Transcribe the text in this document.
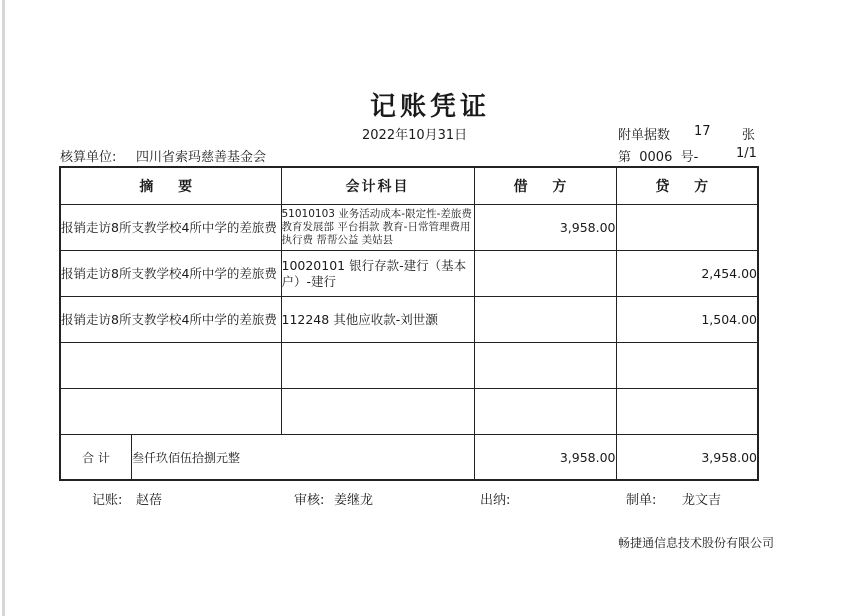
记账凭证
2022年10月31日	附单据数 17 张
核算单位: 四川省索玛慈善基金会	第  0006  号-	1/1
摘 要	会计科目	借 方	贷 方
报销走访8所支教学校4所中学的差旅费	51010103 业务活动成本-限定性-差旅费 教育发展部 平台捐款 教育-日常管理费用 执行费 帮帮公益 美姑县	3,958.00	
报销走访8所支教学校4所中学的差旅费	10020101 银行存款-建行（基本户）-建行		2,454.00
报销走访8所支教学校4所中学的差旅费	112248 其他应收款-刘世灏		1,504.00

合 计 叁仟玖佰伍拾捌元整		3,958.00	3,958.00
记账: 赵蓓	审核: 姜继龙	出纳:	制单: 龙文吉
畅捷通信息技术股份有限公司
